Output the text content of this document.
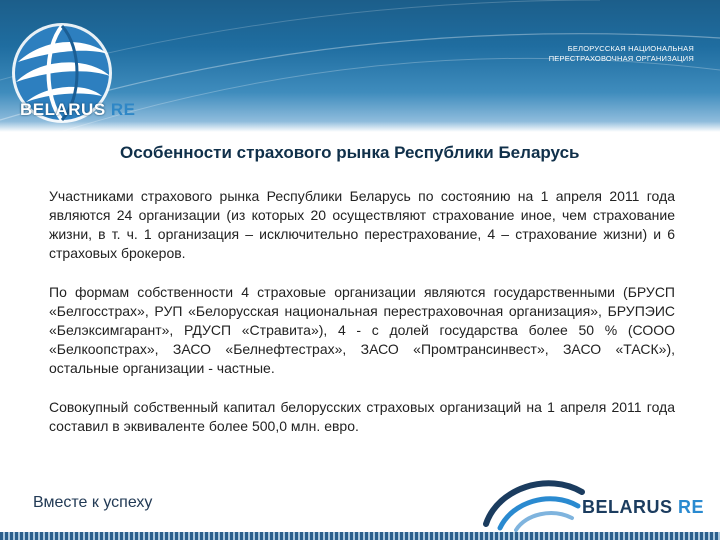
BELARUS RE
БЕЛОРУССКАЯ НАЦИОНАЛЬНАЯ
ПЕРЕСТРАХОВОЧНАЯ ОРГАНИЗАЦИЯ
Особенности страхового рынка Республики Беларусь

Участниками страхового рынка Республики Беларусь по состоянию на 1 апреля 2011 года являются 24 организации (из которых 20 осуществляют страхование иное, чем страхование жизни, в т. ч. 1 организация – исключительно перестрахование, 4 – страхование жизни) и 6 страховых брокеров.

По формам собственности 4 страховые организации являются государственными (БРУСП «Белгосстрах», РУП «Белорусская национальная перестраховочная организация», БРУПЭИС «Белэксимгарант», РДУСП «Стравита»), 4 - с долей государства более 50 % (СООО «Белкоопстрах», ЗАСО «Белнефтестрах», ЗАСО «Промтрансинвест», ЗАСО «ТАСК»), остальные организации - частные.

Совокупный собственный капитал белорусских страховых организаций на 1 апреля 2011 года составил в эквиваленте более 500,0 млн. евро.

Вместе к успеху	BELARUS RE
